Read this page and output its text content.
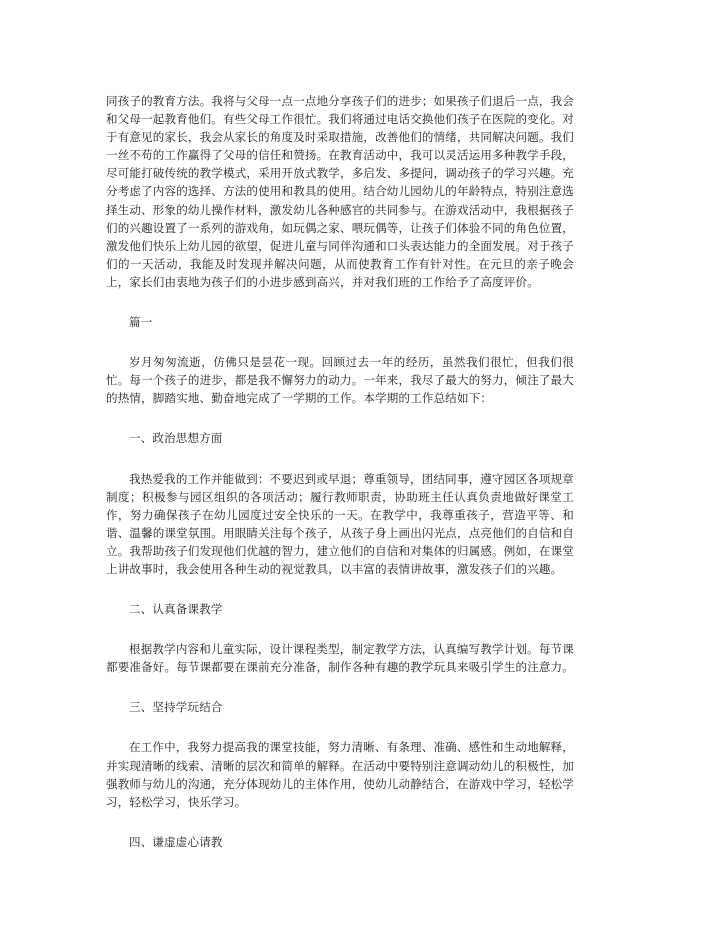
同孩子的教育方法。我将与父母一点一点地分享孩子们的进步；如果孩子们退后一点，我会和父母一起教育他们。有些父母工作很忙。我们将通过电话交换他们孩子在医院的变化。对于有意见的家长，我会从家长的角度及时采取措施，改善他们的情绪，共同解决问题。我们一丝不苟的工作赢得了父母的信任和赞扬。在教育活动中，我可以灵活运用多种教学手段，尽可能打破传统的教学模式，采用开放式教学，多启发、多提问，调动孩子的学习兴趣。充分考虑了内容的选择、方法的使用和教具的使用。结合幼儿园幼儿的年龄特点，特别注意选择生动、形象的幼儿操作材料，激发幼儿各种感官的共同参与。在游戏活动中，我根据孩子们的兴趣设置了一系列的游戏角，如玩偶之家、喂玩偶等，让孩子们体验不同的角色位置，激发他们快乐上幼儿园的欲望，促进儿童与同伴沟通和口头表达能力的全面发展。对于孩子们的一天活动，我能及时发现并解决问题，从而使教育工作有针对性。在元旦的亲子晚会上，家长们由衷地为孩子们的小进步感到高兴，并对我们班的工作给予了高度评价。

篇一

岁月匆匆流逝，仿佛只是昙花一现。回顾过去一年的经历，虽然我们很忙，但我们很忙。每一个孩子的进步，都是我不懈努力的动力。一年来，我尽了最大的努力，倾注了最大的热情，脚踏实地、勤奋地完成了一学期的工作。本学期的工作总结如下：

一、政治思想方面

我热爱我的工作并能做到：不要迟到或早退；尊重领导，团结同事，遵守园区各项规章制度；积极参与园区组织的各项活动；履行教师职责，协助班主任认真负责地做好课堂工作，努力确保孩子在幼儿园度过安全快乐的一天。在教学中，我尊重孩子，营造平等、和谐、温馨的课堂氛围。用眼睛关注每个孩子，从孩子身上画出闪光点，点亮他们的自信和自立。我帮助孩子们发现他们优越的智力，建立他们的自信和对集体的归属感。例如，在课堂上讲故事时，我会使用各种生动的视觉教具，以丰富的表情讲故事，激发孩子们的兴趣。

二、认真备课教学

根据教学内容和儿童实际，设计课程类型，制定教学方法，认真编写教学计划。每节课都要准备好。每节课都要在课前充分准备，制作各种有趣的教学玩具来吸引学生的注意力。

三、坚持学玩结合

在工作中，我努力提高我的课堂技能，努力清晰、有条理、准确、感性和生动地解释，并实现清晰的线索、清晰的层次和简单的解释。在活动中要特别注意调动幼儿的积极性，加强教师与幼儿的沟通，充分体现幼儿的主体作用，使幼儿动静结合，在游戏中学习，轻松学习，轻松学习，快乐学习。

四、谦虚虚心请教
